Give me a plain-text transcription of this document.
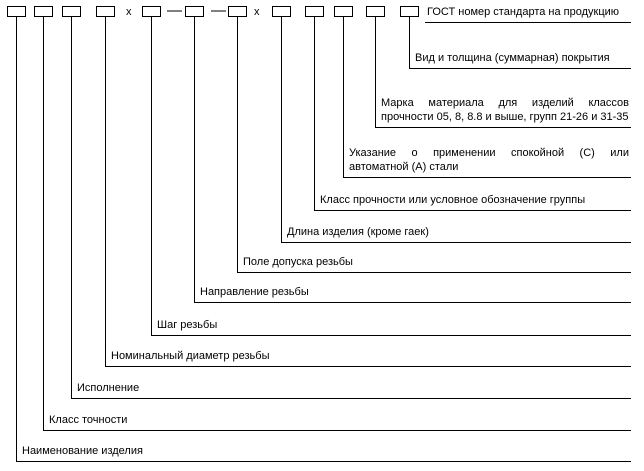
Наименование изделия
Класс точности
Исполнение
Номинальный диаметр резьбы
Шаг резьбы
Направление резьбы
Поле допуска резьбы
Длина изделия (кроме гаек)
Класс прочности или условное обозначение группы
Указание о применении спокойной (С) или автоматной (А) стали
Марка материала для изделий классов прочности 05, 8, 8.8 и выше, групп 21-26 и 31-35
Вид и толщина (суммарная) покрытия
ГОСТ номер стандарта на продукцию
x — —	x
